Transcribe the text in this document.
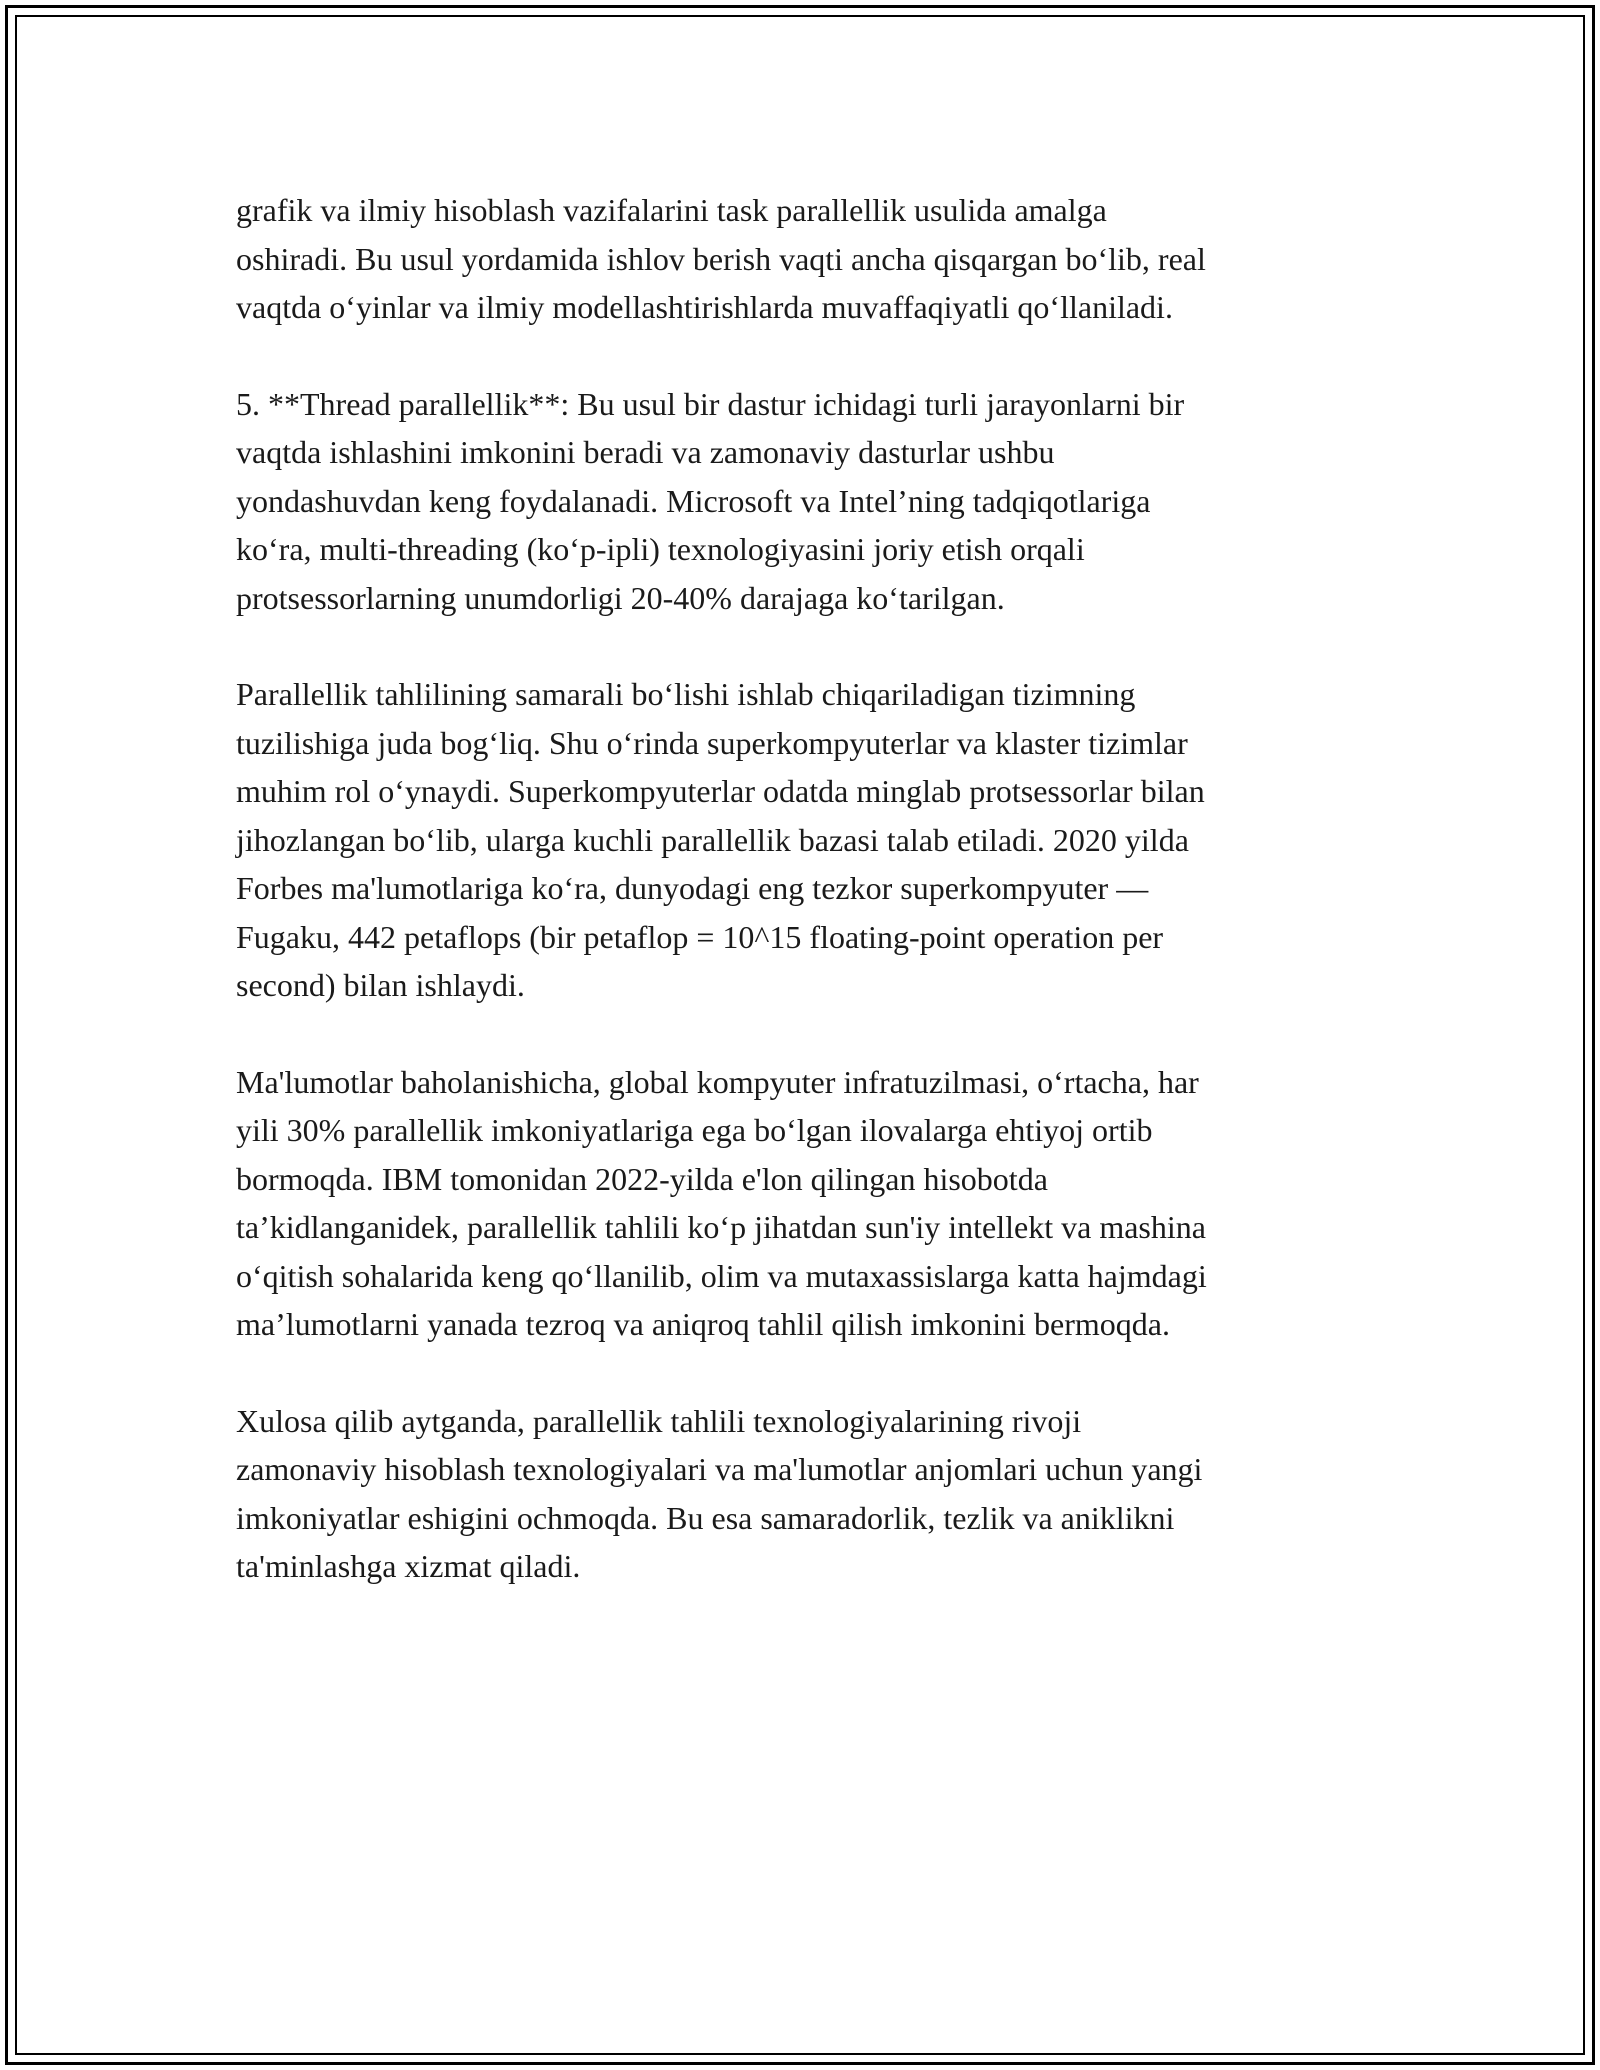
grafik va ilmiy hisoblash vazifalarini task parallellik usulida amalga
oshiradi. Bu usul yordamida ishlov berish vaqti ancha qisqargan bo‘lib, real
vaqtda o‘yinlar va ilmiy modellashtirishlarda muvaffaqiyatli qo‘llaniladi.

5. **Thread parallellik**: Bu usul bir dastur ichidagi turli jarayonlarni bir
vaqtda ishlashini imkonini beradi va zamonaviy dasturlar ushbu
yondashuvdan keng foydalanadi. Microsoft va Intel’ning tadqiqotlariga
ko‘ra, multi-threading (ko‘p-ipli) texnologiyasini joriy etish orqali
protsessorlarning unumdorligi 20-40% darajaga ko‘tarilgan.

Parallellik tahlilining samarali bo‘lishi ishlab chiqariladigan tizimning
tuzilishiga juda bog‘liq. Shu o‘rinda superkompyuterlar va klaster tizimlar
muhim rol o‘ynaydi. Superkompyuterlar odatda minglab protsessorlar bilan
jihozlangan bo‘lib, ularga kuchli parallellik bazasi talab etiladi. 2020 yilda
Forbes ma'lumotlariga ko‘ra, dunyodagi eng tezkor superkompyuter —
Fugaku, 442 petaflops (bir petaflop = 10^15 floating-point operation per
second) bilan ishlaydi.

Ma'lumotlar baholanishicha, global kompyuter infratuzilmasi, o‘rtacha, har
yili 30% parallellik imkoniyatlariga ega bo‘lgan ilovalarga ehtiyoj ortib
bormoqda. IBM tomonidan 2022-yilda e'lon qilingan hisobotda
ta’kidlanganidek, parallellik tahlili ko‘p jihatdan sun'iy intellekt va mashina
o‘qitish sohalarida keng qo‘llanilib, olim va mutaxassislarga katta hajmdagi
ma’lumotlarni yanada tezroq va aniqroq tahlil qilish imkonini bermoqda.

Xulosa qilib aytganda, parallellik tahlili texnologiyalarining rivoji
zamonaviy hisoblash texnologiyalari va ma'lumotlar anjomlari uchun yangi
imkoniyatlar eshigini ochmoqda. Bu esa samaradorlik, tezlik va aniklikni
ta'minlashga xizmat qiladi.
